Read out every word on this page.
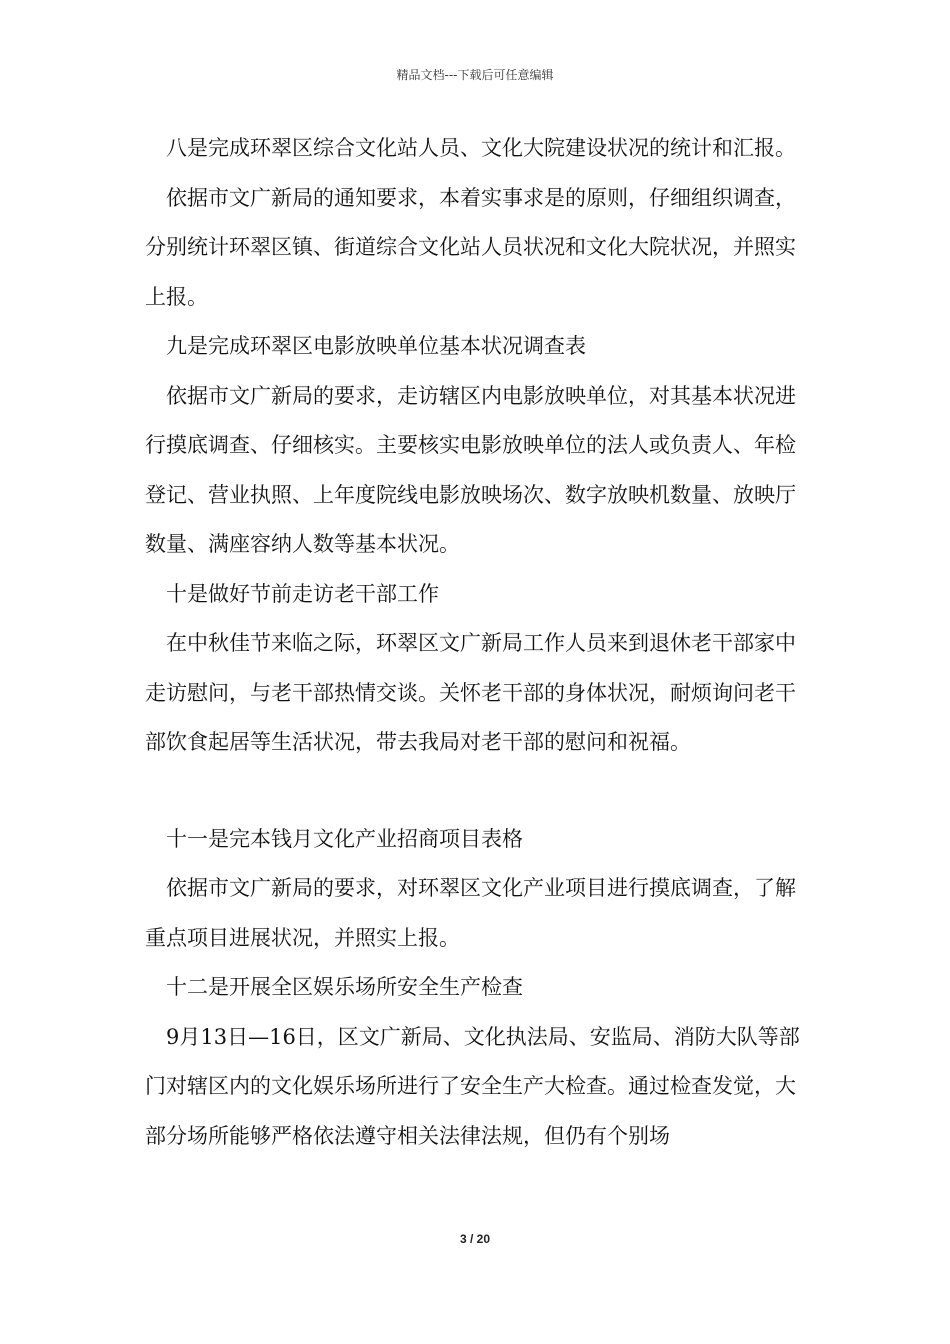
精品文档---下载后可任意编辑

八是完成环翠区综合文化站人员、文化大院建设状况的统计和汇报。

依据市文广新局的通知要求，本着实事求是的原则，仔细组织调查，分别统计环翠区镇、街道综合文化站人员状况和文化大院状况，并照实上报。

九是完成环翠区电影放映单位基本状况调查表

依据市文广新局的要求，走访辖区内电影放映单位，对其基本状况进行摸底调查、仔细核实。主要核实电影放映单位的法人或负责人、年检登记、营业执照、上年度院线电影放映场次、数字放映机数量、放映厅数量、满座容纳人数等基本状况。

十是做好节前走访老干部工作

在中秋佳节来临之际，环翠区文广新局工作人员来到退休老干部家中走访慰问，与老干部热情交谈。关怀老干部的身体状况，耐烦询问老干部饮食起居等生活状况，带去我局对老干部的慰问和祝福。

十一是完本钱月文化产业招商项目表格

依据市文广新局的要求，对环翠区文化产业项目进行摸底调查，了解重点项目进展状况，并照实上报。

十二是开展全区娱乐场所安全生产检查

9月13日—16日，区文广新局、文化执法局、安监局、消防大队等部门对辖区内的文化娱乐场所进行了安全生产大检查。通过检查发觉，大部分场所能够严格依法遵守相关法律法规，但仍有个别场

3 / 20
